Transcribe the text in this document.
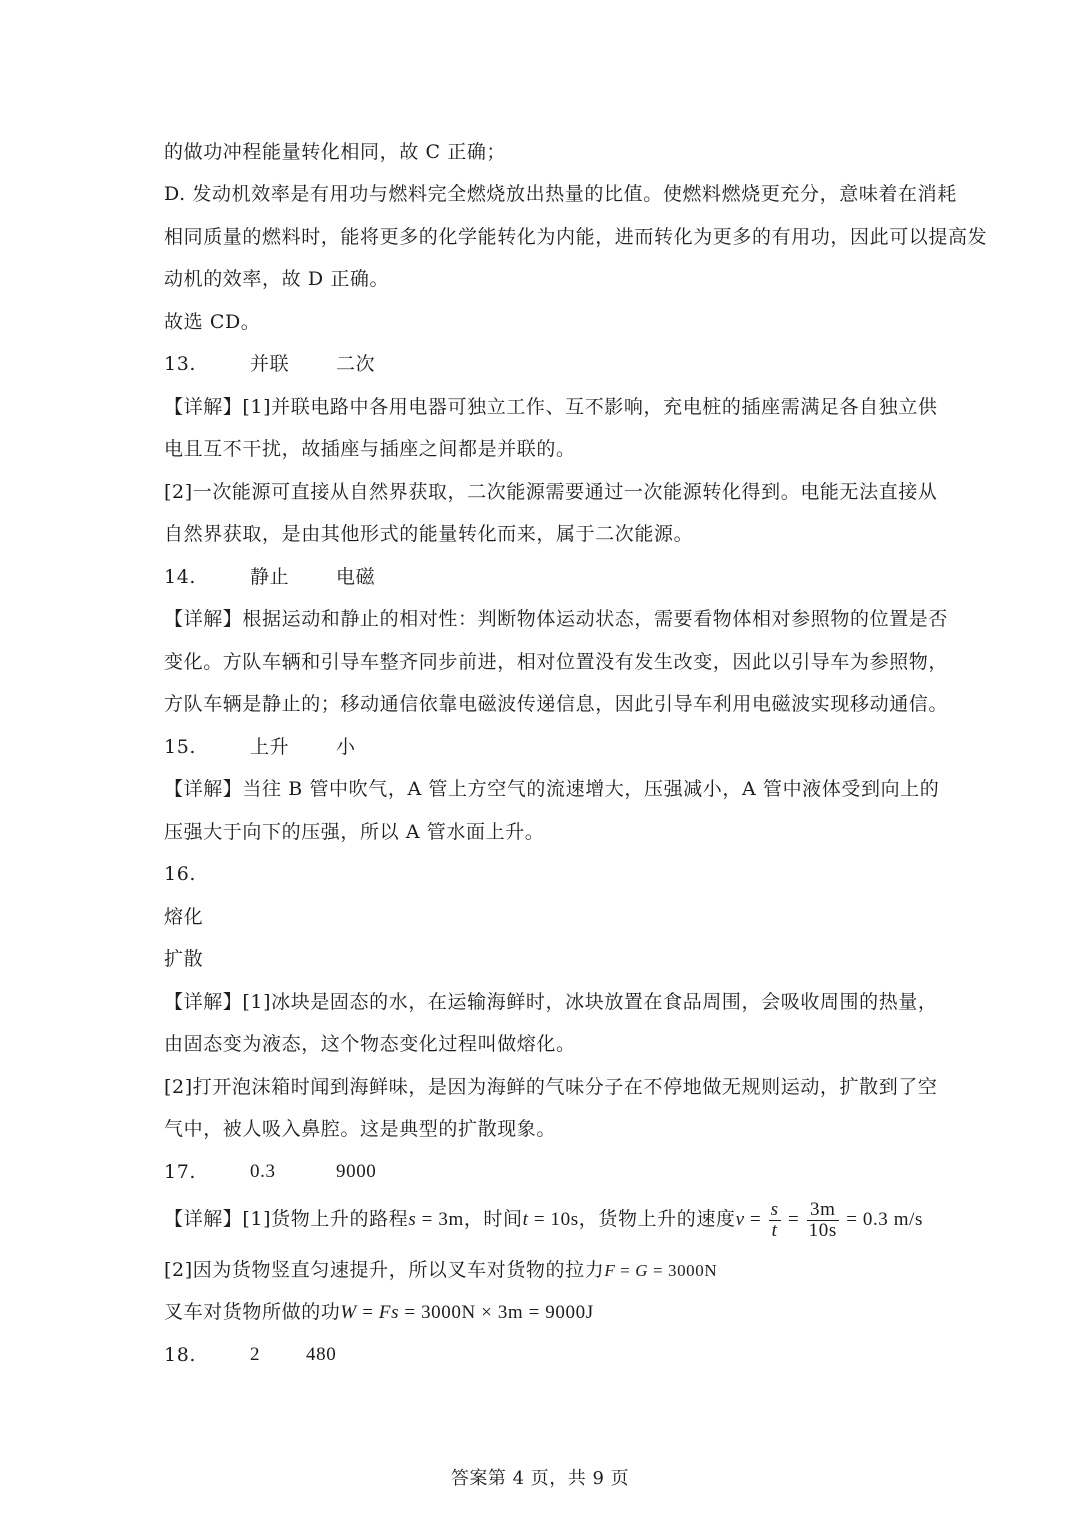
的做功冲程能量转化相同，故 C 正确；
D. 发动机效率是有用功与燃料完全燃烧放出热量的比值。使燃料燃烧更充分，意味着在消耗
相同质量的燃料时，能将更多的化学能转化为内能，进而转化为更多的有用功，因此可以提高发
动机的效率，故 D 正确。
故选 CD。
13.	并联 二次
【详解】[1]并联电路中各用电器可独立工作、互不影响，充电桩的插座需满足各自独立供
电且互不干扰，故插座与插座之间都是并联的。
[2]一次能源可直接从自然界获取，二次能源需要通过一次能源转化得到。电能无法直接从
自然界获取，是由其他形式的能量转化而来，属于二次能源。
14.	静止 电磁
【详解】根据运动和静止的相对性：判断物体运动状态，需要看物体相对参照物的位置是否
变化。方队车辆和引导车整齐同步前进，相对位置没有发生改变，因此以引导车为参照物，
方队车辆是静止的；移动通信依靠电磁波传递信息，因此引导车利用电磁波实现移动通信。
15.	上升 小
【详解】当往 B 管中吹气，A 管上方空气的流速增大，压强减小，A 管中液体受到向上的
压强大于向下的压强，所以 A 管水面上升。
16.
熔化
扩散
【详解】[1]冰块是固态的水，在运输海鲜时，冰块放置在食品周围，会吸收周围的热量，
由固态变为液态，这个物态变化过程叫做熔化。
[2]打开泡沫箱时闻到海鲜味，是因为海鲜的气味分子在不停地做无规则运动，扩散到了空
气中，被人吸入鼻腔。这是典型的扩散现象。
17.	0.3	9000
【详解】[1]货物上升的路程s = 3m，时间t = 10s，货物上升的速度$v = \frac{s}{t} = \frac{3m}{10s} = 0.3$ m/s
[2]因为货物竖直匀速提升，所以叉车对货物的拉力F = G = 3000N
叉车对货物所做的功W = Fs = 3000N × 3m = 9000J
18.	2 480
答案第 4 页，共 9 页
